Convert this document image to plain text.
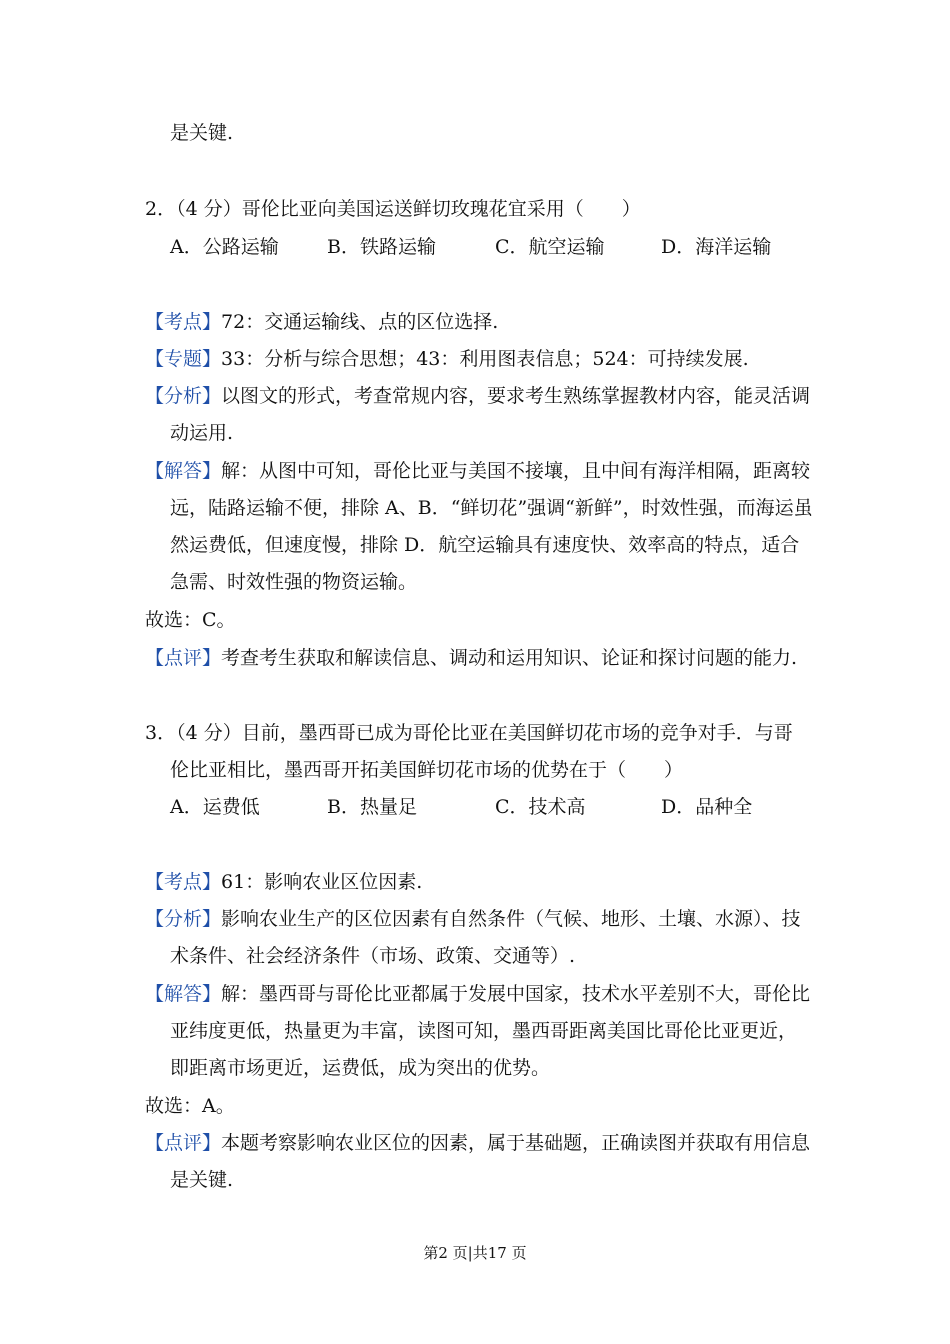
是关键.
2．（4 分）哥伦比亚向美国运送鲜切玫瑰花宜采用（　　）
A．公路运输	B．铁路运输	C．航空运输	D．海洋运输
【考点】72：交通运输线、点的区位选择.
【专题】33：分析与综合思想；43：利用图表信息；524：可持续发展.
【分析】以图文的形式，考查常规内容，要求考生熟练掌握教材内容，能灵活调
动运用.
【解答】解：从图中可知，哥伦比亚与美国不接壤，且中间有海洋相隔，距离较
远，陆路运输不便，排除 A、B．“鲜切花”强调“新鲜”，时效性强，而海运虽
然运费低，但速度慢，排除 D．航空运输具有速度快、效率高的特点，适合
急需、时效性强的物资运输。
故选：C。
【点评】考查考生获取和解读信息、调动和运用知识、论证和探讨问题的能力.
3．（4 分）目前，墨西哥已成为哥伦比亚在美国鲜切花市场的竞争对手．与哥
伦比亚相比，墨西哥开拓美国鲜切花市场的优势在于（　　）
A．运费低	B．热量足	C．技术高	D．品种全
【考点】61：影响农业区位因素.
【分析】影响农业生产的区位因素有自然条件（气候、地形、土壤、水源）、技
术条件、社会经济条件（市场、政策、交通等）.
【解答】解：墨西哥与哥伦比亚都属于发展中国家，技术水平差别不大，哥伦比
亚纬度更低，热量更为丰富，读图可知，墨西哥距离美国比哥伦比亚更近，
即距离市场更近，运费低，成为突出的优势。
故选：A。
【点评】本题考察影响农业区位的因素，属于基础题，正确读图并获取有用信息
是关键.
第2 页|共17 页
